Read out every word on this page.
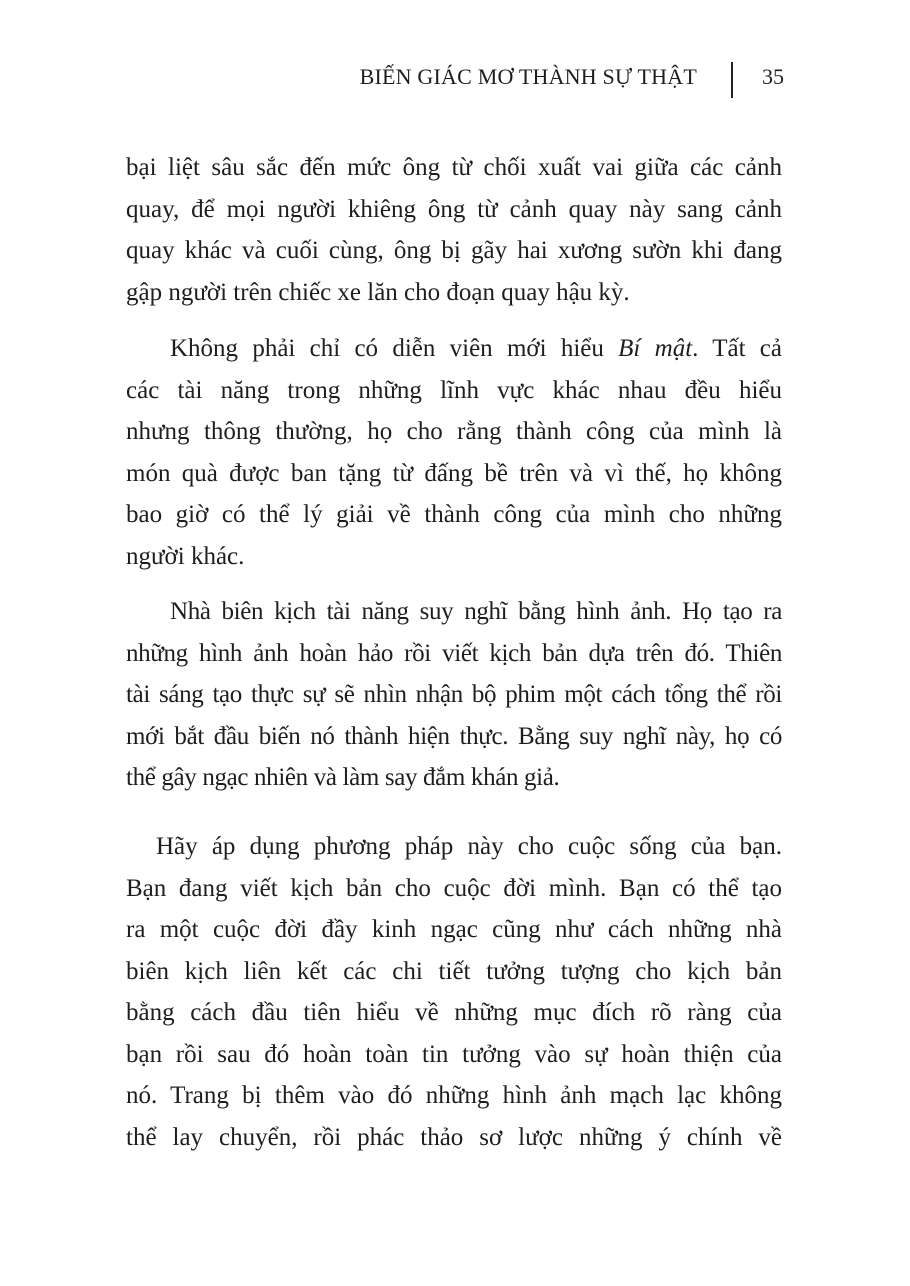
BIẾN GIÁC MƠ THÀNH SỰ THẬT	35

bại liệt sâu sắc đến mức ông từ chối xuất vai giữa các cảnh
quay, để mọi người khiêng ông từ cảnh quay này sang cảnh
quay khác và cuối cùng, ông bị gãy hai xương sườn khi đang
gập người trên chiếc xe lăn cho đoạn quay hậu kỳ.

Không phải chỉ có diễn viên mới hiểu Bí mật. Tất cả
các tài năng trong những lĩnh vực khác nhau đều hiểu
nhưng thông thường, họ cho rằng thành công của mình là
món quà được ban tặng từ đấng bề trên và vì thế, họ không
bao giờ có thể lý giải về thành công của mình cho những
người khác.

Nhà biên kịch tài năng suy nghĩ bằng hình ảnh. Họ tạo ra
những hình ảnh hoàn hảo rồi viết kịch bản dựa trên đó. Thiên
tài sáng tạo thực sự sẽ nhìn nhận bộ phim một cách tổng thể rồi
mới bắt đầu biến nó thành hiện thực. Bằng suy nghĩ này, họ có
thể gây ngạc nhiên và làm say đắm khán giả.

Hãy áp dụng phương pháp này cho cuộc sống của bạn.
Bạn đang viết kịch bản cho cuộc đời mình. Bạn có thể tạo
ra một cuộc đời đầy kinh ngạc cũng như cách những nhà
biên kịch liên kết các chi tiết tưởng tượng cho kịch bản
bằng cách đầu tiên hiểu về những mục đích rõ ràng của
bạn rồi sau đó hoàn toàn tin tưởng vào sự hoàn thiện của
nó. Trang bị thêm vào đó những hình ảnh mạch lạc không
thể lay chuyển, rồi phác thảo sơ lược những ý chính về
